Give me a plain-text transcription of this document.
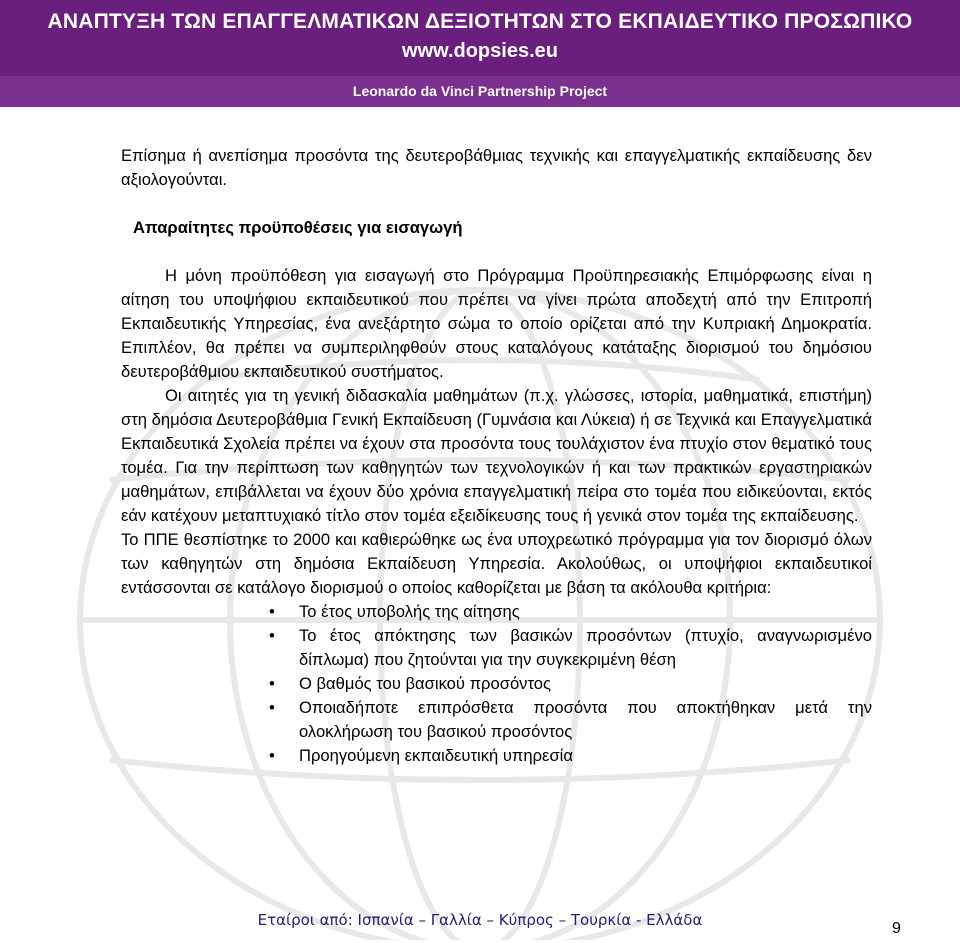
ΑΝΑΠΤΥΞΗ ΤΩΝ ΕΠΑΓΓΕΛΜΑΤΙΚΩΝ ΔΕΞΙΟΤΗΤΩΝ ΣΤΟ ΕΚΠΑΙΔΕΥΤΙΚΟ ΠΡΟΣΩΠΙΚΟ
www.dopsies.eu
Leonardo da Vinci Partnership Project

Επίσημα ή ανεπίσημα προσόντα της δευτεροβάθμιας τεχνικής και επαγγελματικής εκπαίδευσης δεν αξιολογούνται.

Απαραίτητες προϋποθέσεις για εισαγωγή

Η μόνη προϋπόθεση για εισαγωγή στο Πρόγραμμα Προϋπηρεσιακής Επιμόρφωσης είναι η αίτηση του υποψήφιου εκπαιδευτικού που πρέπει να γίνει πρώτα αποδεχτή από την Επιτροπή Εκπαιδευτικής Υπηρεσίας, ένα ανεξάρτητο σώμα το οποίο ορίζεται από την Κυπριακή Δημοκρατία. Επιπλέον, θα πρέπει να συμπεριληφθούν στους καταλόγους κατάταξης διορισμού του δημόσιου δευτεροβάθμιου εκπαιδευτικού συστήματος.

Οι αιτητές για τη γενική διδασκαλία μαθημάτων (π.χ. γλώσσες, ιστορία, μαθηματικά, επιστήμη) στη δημόσια Δευτεροβάθμια Γενική Εκπαίδευση (Γυμνάσια και Λύκεια) ή σε Τεχνικά και Επαγγελματικά Εκπαιδευτικά Σχολεία πρέπει να έχουν στα προσόντα τους τουλάχιστον ένα πτυχίο στον θεματικό τους τομέα. Για την περίπτωση των καθηγητών των τεχνολογικών ή και των πρακτικών εργαστηριακών μαθημάτων, επιβάλλεται να έχουν δύο χρόνια επαγγελματική πείρα στο τομέα που ειδικεύονται, εκτός εάν κατέχουν μεταπτυχιακό τίτλο στον τομέα εξειδίκευσης τους ή γενικά στον τομέα της εκπαίδευσης.

Το ΠΠΕ θεσπίστηκε το 2000 και καθιερώθηκε ως ένα υποχρεωτικό πρόγραμμα για τον διορισμό όλων των καθηγητών στη δημόσια Εκπαίδευση Υπηρεσία. Ακολούθως, οι υποψήφιοι εκπαιδευτικοί εντάσσονται σε κατάλογο διορισμού ο οποίος καθορίζεται με βάση τα ακόλουθα κριτήρια:

• Το έτος υποβολής της αίτησης
• Το έτος απόκτησης των βασικών προσόντων (πτυχίο, αναγνωρισμένο δίπλωμα) που ζητούνται για την συγκεκριμένη θέση
• Ο βαθμός του βασικού προσόντος
• Οποιαδήποτε επιπρόσθετα προσόντα που αποκτήθηκαν μετά την ολοκλήρωση του βασικού προσόντος
• Προηγούμενη εκπαιδευτική υπηρεσία
Εταίροι από: Ισπανία – Γαλλία – Κύπρος – Τουρκία - Ελλάδα	9
